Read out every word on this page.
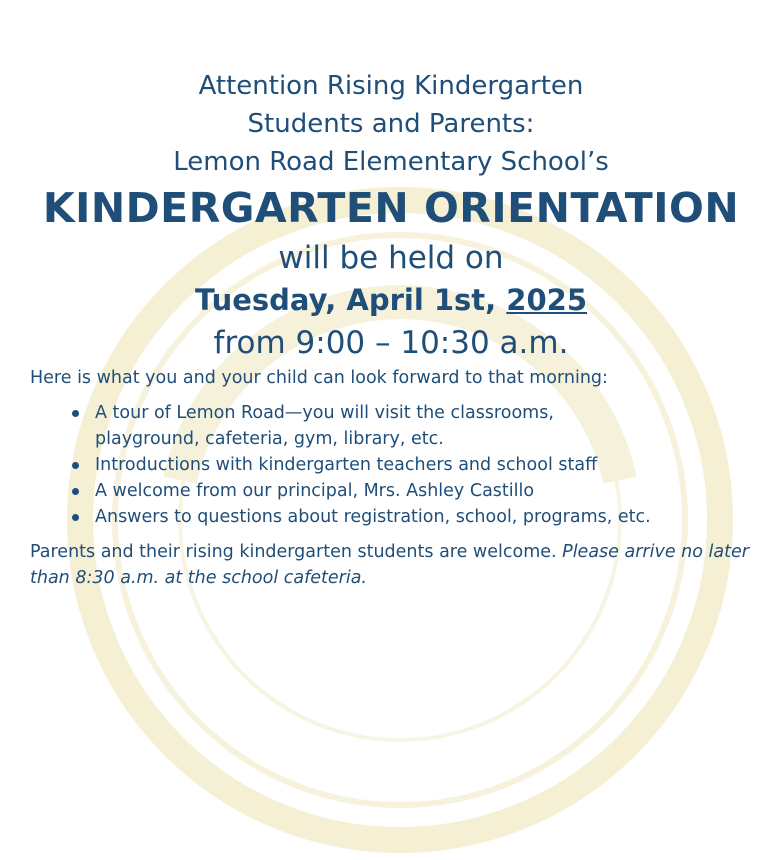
Attention Rising Kindergarten
Students and Parents:
Lemon Road Elementary School’s
KINDERGARTEN ORIENTATION
will be held on
Tuesday, April 1st, 2025
from 9:00 – 10:30 a.m.
Here is what you and your child can look forward to that morning:
A tour of Lemon Road—you will visit the classrooms,
playground, cafeteria, gym, library, etc.
Introductions with kindergarten teachers and school staff
A welcome from our principal, Mrs. Ashley Castillo
Answers to questions about registration, school, programs, etc.
Parents and their rising kindergarten students are welcome. Please arrive no later than 8:30 a.m. at the school cafeteria.
